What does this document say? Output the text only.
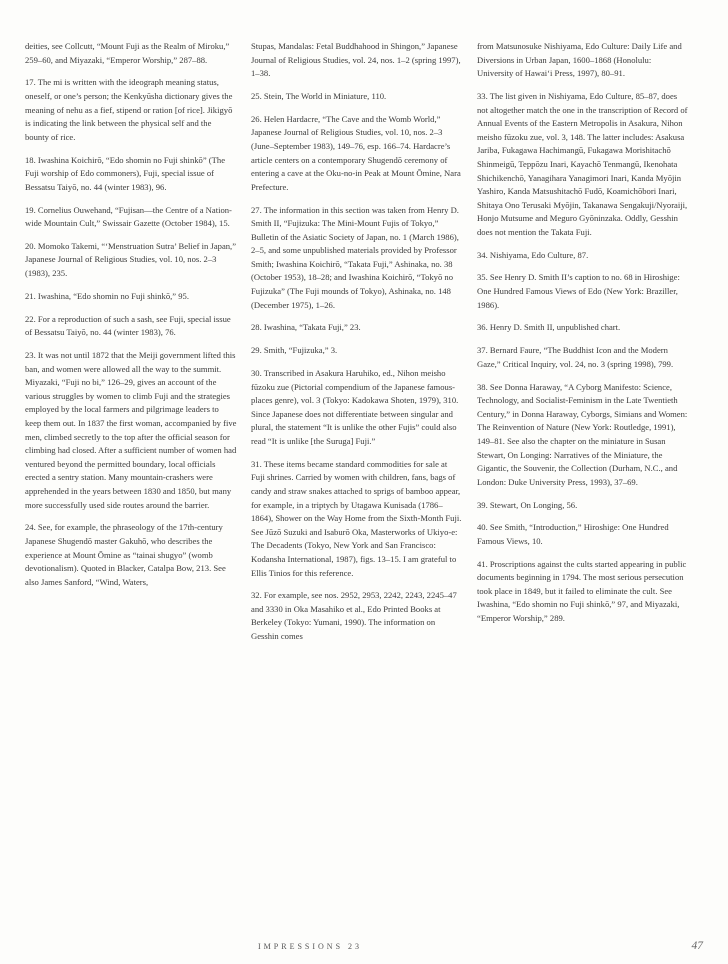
deities, see Collcutt, “Mount Fuji as the Realm of Miroku,” 259–60, and Miyazaki, “Emperor Worship,” 287–88.

17. The mi is written with the ideograph meaning status, oneself, or one’s person; the Kenkyūsha dictionary gives the meaning of nehu as a fief, stipend or ration [of rice]. Jikigyō is indicating the link between the physical self and the bounty of rice.

18. Iwashina Koichirō, “Edo shomin no Fuji shinkō” (The Fuji worship of Edo commoners), Fuji, special issue of Bessatsu Taiyō, no. 44 (winter 1983), 96.

19. Cornelius Ouwehand, “Fujisan—the Centre of a Nation-wide Mountain Cult,” Swissair Gazette (October 1984), 15.

20. Momoko Takemi, “‘Menstruation Sutra’ Belief in Japan,” Japanese Journal of Religious Studies, vol. 10, nos. 2–3 (1983), 235.

21. Iwashina, “Edo shomin no Fuji shinkō,” 95.

22. For a reproduction of such a sash, see Fuji, special issue of Bessatsu Taiyō, no. 44 (winter 1983), 76.

23. It was not until 1872 that the Meiji government lifted this ban, and women were allowed all the way to the summit. Miyazaki, “Fuji no bi,” 126–29, gives an account of the various struggles by women to climb Fuji and the strategies employed by the local farmers and pilgrimage leaders to keep them out. In 1837 the first woman, accompanied by five men, climbed secretly to the top after the official season for climbing had closed. After a sufficient number of women had ventured beyond the permitted boundary, local officials erected a sentry station. Many mountain-crashers were apprehended in the years between 1830 and 1850, but many more successfully used side routes around the barrier.

24. See, for example, the phraseology of the 17th-century Japanese Shugendō master Gakuhō, who describes the experience at Mount Ōmine as “tainai shugyo” (womb devotionalism). Quoted in Blacker, Catalpa Bow, 213. See also James Sanford, “Wind, Waters,

Stupas, Mandalas: Fetal Buddhahood in Shingon,” Japanese Journal of Religious Studies, vol. 24, nos. 1–2 (spring 1997), 1–38.

25. Stein, The World in Miniature, 110.

26. Helen Hardacre, “The Cave and the Womb World,” Japanese Journal of Religious Studies, vol. 10, nos. 2–3 (June–September 1983), 149–76, esp. 166–74. Hardacre’s article centers on a contemporary Shugendō ceremony of entering a cave at the Oku-no-in Peak at Mount Ōmine, Nara Prefecture.

27. The information in this section was taken from Henry D. Smith II, “Fujizuka: The Mini-Mount Fujis of Tokyo,” Bulletin of the Asiatic Society of Japan, no. 1 (March 1986), 2–5, and some unpublished materials provided by Professor Smith; Iwashina Koichirō, “Takata Fuji,” Ashinaka, no. 38 (October 1953), 18–28; and Iwashina Koichirō, “Tokyō no Fujizuka” (The Fuji mounds of Tokyo), Ashinaka, no. 148 (December 1975), 1–26.

28. Iwashina, “Takata Fuji,” 23.

29. Smith, “Fujizuka,” 3.

30. Transcribed in Asakura Haruhiko, ed., Nihon meisho fūzoku zue (Pictorial compendium of the Japanese famous-places genre), vol. 3 (Tokyo: Kadokawa Shoten, 1979), 310. Since Japanese does not differentiate between singular and plural, the statement “It is unlike the other Fujis” could also read “It is unlike [the Suruga] Fuji.”

31. These items became standard commodities for sale at Fuji shrines. Carried by women with children, fans, bags of candy and straw snakes attached to sprigs of bamboo appear, for example, in a triptych by Utagawa Kunisada (1786–1864), Shower on the Way Home from the Sixth-Month Fuji. See Jūzō Suzuki and Isaburō Oka, Masterworks of Ukiyo-e: The Decadents (Tokyo, New York and San Francisco: Kodansha International, 1987), figs. 13–15. I am grateful to Ellis Tinios for this reference.

32. For example, see nos. 2952, 2953, 2242, 2243, 2245–47 and 3330 in Oka Masahiko et al., Edo Printed Books at Berkeley (Tokyo: Yumani, 1990). The information on Gesshin comes

from Matsunosuke Nishiyama, Edo Culture: Daily Life and Diversions in Urban Japan, 1600–1868 (Honolulu: University of Hawai‘i Press, 1997), 80–91.

33. The list given in Nishiyama, Edo Culture, 85–87, does not altogether match the one in the transcription of Record of Annual Events of the Eastern Metropolis in Asakura, Nihon meisho fūzoku zue, vol. 3, 148. The latter includes: Asakusa Jariba, Fukagawa Hachimangū, Fukagawa Morishitachō Shinmeigū, Teppōzu Inari, Kayachō Tenmangū, Ikenohata Shichikenchō, Yanagihara Yanagimori Inari, Kanda Myōjin Yashiro, Kanda Matsushitachō Fudō, Koamichōbori Inari, Shitaya Ono Terusaki Myōjin, Takanawa Sengakuji/Nyoraiji, Honjo Mutsume and Meguro Gyōninzaka. Oddly, Gesshin does not mention the Takata Fuji.

34. Nishiyama, Edo Culture, 87.

35. See Henry D. Smith II’s caption to no. 68 in Hiroshige: One Hundred Famous Views of Edo (New York: Braziller, 1986).

36. Henry D. Smith II, unpublished chart.

37. Bernard Faure, “The Buddhist Icon and the Modern Gaze,” Critical Inquiry, vol. 24, no. 3 (spring 1998), 799.

38. See Donna Haraway, “A Cyborg Manifesto: Science, Technology, and Socialist-Feminism in the Late Twentieth Century,” in Donna Haraway, Cyborgs, Simians and Women: The Reinvention of Nature (New York: Routledge, 1991), 149–81. See also the chapter on the miniature in Susan Stewart, On Longing: Narratives of the Miniature, the Gigantic, the Souvenir, the Collection (Durham, N.C., and London: Duke University Press, 1993), 37–69.

39. Stewart, On Longing, 56.

40. See Smith, “Introduction,” Hiroshige: One Hundred Famous Views, 10.

41. Proscriptions against the cults started appearing in public documents beginning in 1794. The most serious persecution took place in 1849, but it failed to eliminate the cult. See Iwashina, “Edo shomin no Fuji shinkō,” 97, and Miyazaki, “Emperor Worship,” 289.

IMPRESSIONS 23	47
